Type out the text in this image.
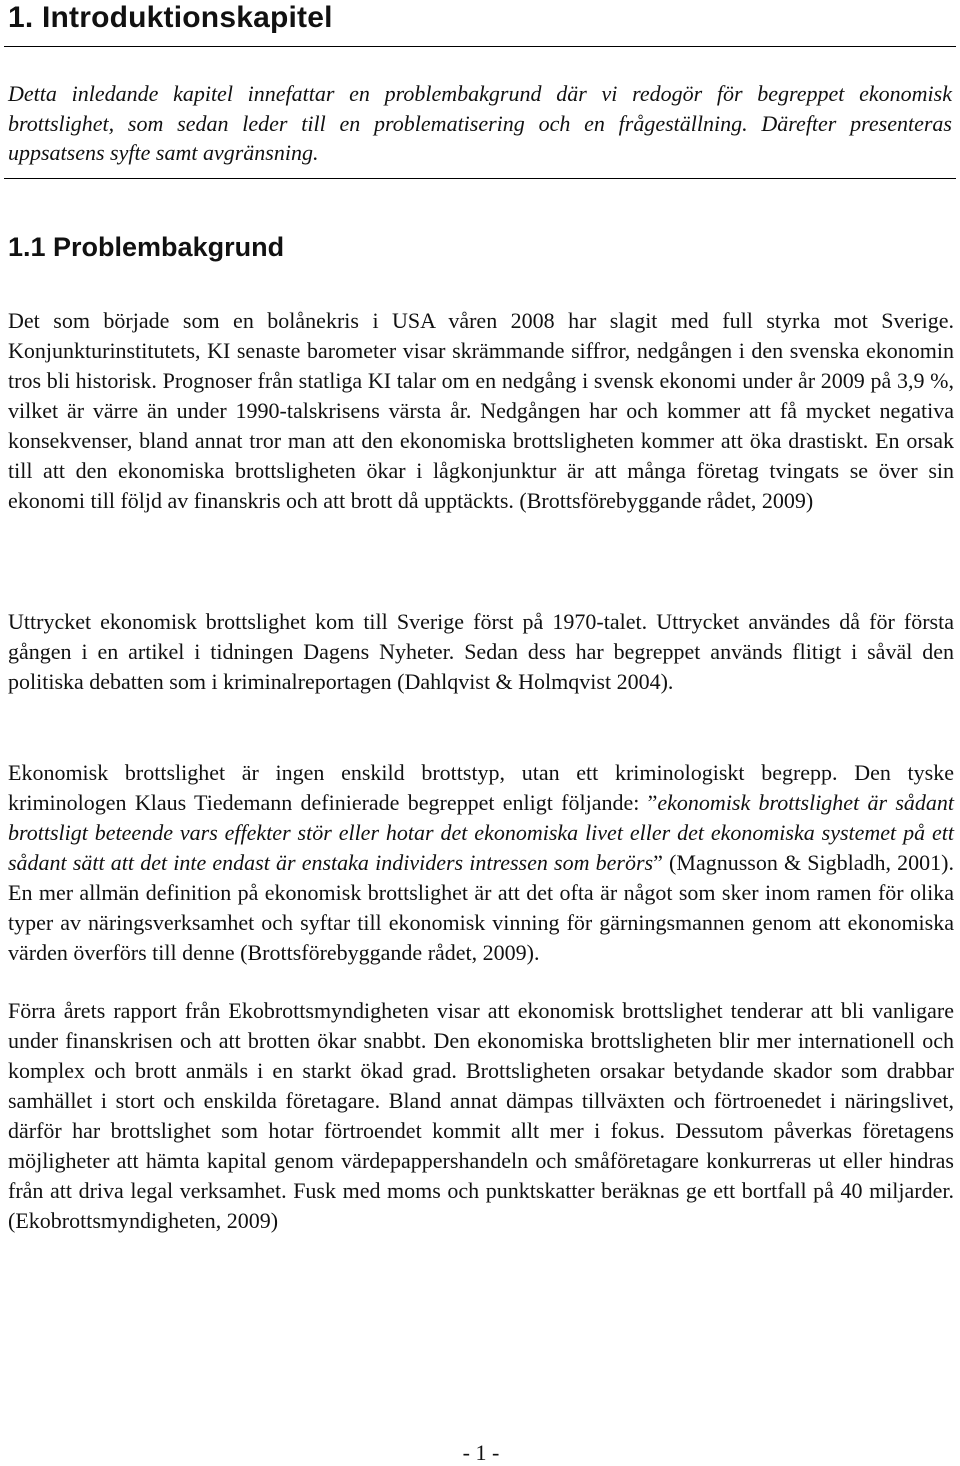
1. Introduktionskapitel
Detta inledande kapitel innefattar en problembakgrund där vi redogör för begreppet ekonomisk brottslighet, som sedan leder till en problematisering och en frågeställning. Därefter presenteras uppsatsens syfte samt avgränsning.
1.1 Problembakgrund

Det som började som en bolånekris i USA våren 2008 har slagit med full styrka mot Sverige. Konjunkturinstitutets, KI senaste barometer visar skrämmande siffror, nedgången i den svenska ekonomin tros bli historisk. Prognoser från statliga KI talar om en nedgång i svensk ekonomi under år 2009 på 3,9 %, vilket är värre än under 1990-talskrisens värsta år. Nedgången har och kommer att få mycket negativa konsekvenser, bland annat tror man att den ekonomiska brottsligheten kommer att öka drastiskt. En orsak till att den ekonomiska brottsligheten ökar i lågkonjunktur är att många företag tvingats se över sin ekonomi till följd av finanskris och att brott då upptäckts. (Brottsförebyggande rådet, 2009)

Uttrycket ekonomisk brottslighet kom till Sverige först på 1970-talet. Uttrycket användes då för första gången i en artikel i tidningen Dagens Nyheter. Sedan dess har begreppet används flitigt i såväl den politiska debatten som i kriminalreportagen (Dahlqvist & Holmqvist 2004).

Ekonomisk brottslighet är ingen enskild brottstyp, utan ett kriminologiskt begrepp. Den tyske kriminologen Klaus Tiedemann definierade begreppet enligt följande: ”ekonomisk brottslighet är sådant brottsligt beteende vars effekter stör eller hotar det ekonomiska livet eller det ekonomiska systemet på ett sådant sätt att det inte endast är enstaka individers intressen som berörs” (Magnusson & Sigbladh, 2001). En mer allmän definition på ekonomisk brottslighet är att det ofta är något som sker inom ramen för olika typer av näringsverksamhet och syftar till ekonomisk vinning för gärningsmannen genom att ekonomiska värden överförs till denne (Brottsförebyggande rådet, 2009).

Förra årets rapport från Ekobrottsmyndigheten visar att ekonomisk brottslighet tenderar att bli vanligare under finanskrisen och att brotten ökar snabbt. Den ekonomiska brottsligheten blir mer internationell och komplex och brott anmäls i en starkt ökad grad. Brottsligheten orsakar betydande skador som drabbar samhället i stort och enskilda företagare. Bland annat dämpas tillväxten och förtroenedet i näringslivet, därför har brottslighet som hotar förtroendet kommit allt mer i fokus. Dessutom påverkas företagens möjligheter att hämta kapital genom värdepappershandeln och småföretagare konkurreras ut eller hindras från att driva legal verksamhet. Fusk med moms och punktskatter beräknas ge ett bortfall på 40 miljarder. (Ekobrottsmyndigheten, 2009)

- 1 -
